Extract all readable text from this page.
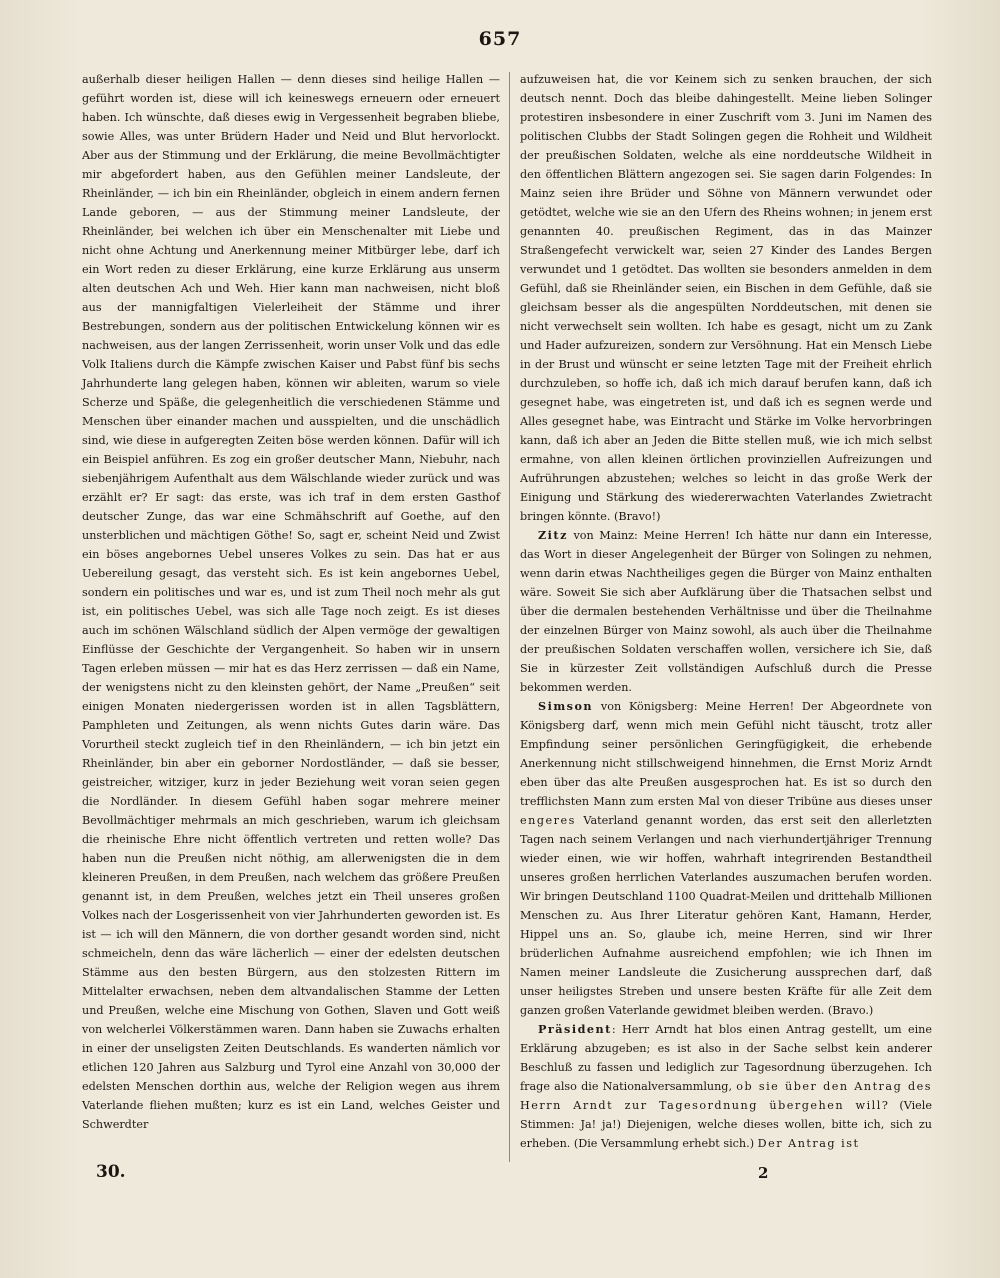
657

außerhalb dieser heiligen Hallen — denn dieses sind heilige Hallen — geführt worden ist, diese will ich keineswegs erneuern oder erneuert haben. Ich wünschte, daß dieses ewig in Vergessenheit begraben bliebe, sowie Alles, was unter Brüdern Hader und Neid und Blut hervorlockt. Aber aus der Stimmung und der Erklärung, die meine Bevollmächtigter mir abgefordert haben, aus den Gefühlen meiner Landsleute, der Rheinländer, — ich bin ein Rheinländer, obgleich in einem andern fernen Lande geboren, — aus der Stimmung meiner Landsleute, der Rheinländer, bei welchen ich über ein Menschenalter mit Liebe und nicht ohne Achtung und Anerkennung meiner Mitbürger lebe, darf ich ein Wort reden zu dieser Erklärung, eine kurze Erklärung aus unserm alten deutschen Ach und Weh. Hier kann man nachweisen, nicht bloß aus der mannigfaltigen Vielerleiheit der Stämme und ihrer Bestrebungen, sondern aus der politischen Entwickelung können wir es nachweisen, aus der langen Zerrissenheit, worin unser Volk und das edle Volk Italiens durch die Kämpfe zwischen Kaiser und Pabst fünf bis sechs Jahrhunderte lang gelegen haben, können wir ableiten, warum so viele Scherze und Späße, die gelegenheitlich die verschiedenen Stämme und Menschen über einander machen und ausspielten, und die unschädlich sind, wie diese in aufgeregten Zeiten böse werden können. Dafür will ich ein Beispiel anführen. Es zog ein großer deutscher Mann, Niebuhr, nach siebenjährigem Aufenthalt aus dem Wälschlande wieder zurück und was erzählt er? Er sagt: das erste, was ich traf in dem ersten Gasthof deutscher Zunge, das war eine Schmähschrift auf Goethe, auf den unsterblichen und mächtigen Göthe! So, sagt er, scheint Neid und Zwist ein böses angebornes Uebel unseres Volkes zu sein. Das hat er aus Uebereilung gesagt, das versteht sich. Es ist kein angebornes Uebel, sondern ein politisches und war es, und ist zum Theil noch mehr als gut ist, ein politisches Uebel, was sich alle Tage noch zeigt. Es ist dieses auch im schönen Wälschland südlich der Alpen vermöge der gewaltigen Einflüsse der Geschichte der Vergangenheit. So haben wir in unsern Tagen erleben müssen — mir hat es das Herz zerrissen — daß ein Name, der wenigstens nicht zu den kleinsten gehört, der Name „Preußen“ seit einigen Monaten niedergerissen worden ist in allen Tagsblättern, Pamphleten und Zeitungen, als wenn nichts Gutes darin wäre. Das Vorurtheil steckt zugleich tief in den Rheinländern, — ich bin jetzt ein Rheinländer, bin aber ein geborner Nordostländer, — daß sie besser, geistreicher, witziger, kurz in jeder Beziehung weit voran seien gegen die Nordländer. In diesem Gefühl haben sogar mehrere meiner Bevollmächtiger mehrmals an mich geschrieben, warum ich gleichsam die rheinische Ehre nicht öffentlich vertreten und retten wolle? Das haben nun die Preußen nicht nöthig, am allerwenigsten die in dem kleineren Preußen, in dem Preußen, nach welchem das größere Preußen genannt ist, in dem Preußen, welches jetzt ein Theil unseres großen Volkes nach der Losgerissenheit von vier Jahrhunderten geworden ist. Es ist — ich will den Männern, die von dorther gesandt worden sind, nicht schmeicheln, denn das wäre lächerlich — einer der edelsten deutschen Stämme aus den besten Bürgern, aus den stolzesten Rittern im Mittelalter erwachsen, neben dem altvandalischen Stamme der Letten und Preußen, welche eine Mischung von Gothen, Slaven und Gott weiß von welcherlei Völkerstämmen waren. Dann haben sie Zuwachs erhalten in einer der unseligsten Zeiten Deutschlands. Es wanderten nämlich vor etlichen 120 Jahren aus Salzburg und Tyrol eine Anzahl von 30,000 der edelsten Menschen dorthin aus, welche der Religion wegen aus ihrem Vaterlande fliehen mußten; kurz es ist ein Land, welches Geister und Schwerdter

aufzuweisen hat, die vor Keinem sich zu senken brauchen, der sich deutsch nennt. Doch das bleibe dahingestellt. Meine lieben Solinger protestiren insbesondere in einer Zuschrift vom 3. Juni im Namen des politischen Clubbs der Stadt Solingen gegen die Rohheit und Wildheit der preußischen Soldaten, welche als eine norddeutsche Wildheit in den öffentlichen Blättern angezogen sei. Sie sagen darin Folgendes: In Mainz seien ihre Brüder und Söhne von Männern verwundet oder getödtet, welche wie sie an den Ufern des Rheins wohnen; in jenem erst genannten 40. preußischen Regiment, das in das Mainzer Straßengefecht verwickelt war, seien 27 Kinder des Landes Bergen verwundet und 1 getödtet. Das wollten sie besonders anmelden in dem Gefühl, daß sie Rheinländer seien, ein Bischen in dem Gefühle, daß sie gleichsam besser als die angespülten Norddeutschen, mit denen sie nicht verwechselt sein wollten. Ich habe es gesagt, nicht um zu Zank und Hader aufzureizen, sondern zur Versöhnung. Hat ein Mensch Liebe in der Brust und wünscht er seine letzten Tage mit der Freiheit ehrlich durchzuleben, so hoffe ich, daß ich mich darauf berufen kann, daß ich gesegnet habe, was eingetreten ist, und daß ich es segnen werde und Alles gesegnet habe, was Eintracht und Stärke im Volke hervorbringen kann, daß ich aber an Jeden die Bitte stellen muß, wie ich mich selbst ermahne, von allen kleinen örtlichen provinziellen Aufreizungen und Aufrührungen abzustehen; welches so leicht in das große Werk der Einigung und Stärkung des wiedererwachten Vaterlandes Zwietracht bringen könnte. (Bravo!)

Zitz von Mainz: Meine Herren! Ich hätte nur dann ein Interesse, das Wort in dieser Angelegenheit der Bürger von Solingen zu nehmen, wenn darin etwas Nachtheiliges gegen die Bürger von Mainz enthalten wäre. Soweit Sie sich aber Aufklärung über die Thatsachen selbst und über die dermalen bestehenden Verhältnisse und über die Theilnahme der einzelnen Bürger von Mainz sowohl, als auch über die Theilnahme der preußischen Soldaten verschaffen wollen, versichere ich Sie, daß Sie in kürzester Zeit vollständigen Aufschluß durch die Presse bekommen werden.

Simson von Königsberg: Meine Herren! Der Abgeordnete von Königsberg darf, wenn mich mein Gefühl nicht täuscht, trotz aller Empfindung seiner persönlichen Geringfügigkeit, die erhebende Anerkennung nicht stillschweigend hinnehmen, die Ernst Moriz Arndt eben über das alte Preußen ausgesprochen hat. Es ist so durch den trefflichsten Mann zum ersten Mal von dieser Tribüne aus dieses unser engeres Vaterland genannt worden, das erst seit den allerletzten Tagen nach seinem Verlangen und nach vierhundertjähriger Trennung wieder einen, wie wir hoffen, wahrhaft integrirenden Bestandtheil unseres großen herrlichen Vaterlandes auszumachen berufen worden. Wir bringen Deutschland 1100 Quadrat-Meilen und drittehalb Millionen Menschen zu. Aus Ihrer Literatur gehören Kant, Hamann, Herder, Hippel uns an. So, glaube ich, meine Herren, sind wir Ihrer brüderlichen Aufnahme ausreichend empfohlen; wie ich Ihnen im Namen meiner Landsleute die Zusicherung aussprechen darf, daß unser heiligstes Streben und unsere besten Kräfte für alle Zeit dem ganzen großen Vaterlande gewidmet bleiben werden. (Bravo.)

Präsident: Herr Arndt hat blos einen Antrag gestellt, um eine Erklärung abzugeben; es ist also in der Sache selbst kein anderer Beschluß zu fassen und lediglich zur Tagesordnung überzugehen. Ich frage also die Nationalversammlung, ob sie über den Antrag des Herrn Arndt zur Tagesordnung übergehen will? (Viele Stimmen: Ja! ja!) Diejenigen, welche dieses wollen, bitte ich, sich zu erheben. (Die Versammlung erhebt sich.) Der Antrag ist

30.	2
